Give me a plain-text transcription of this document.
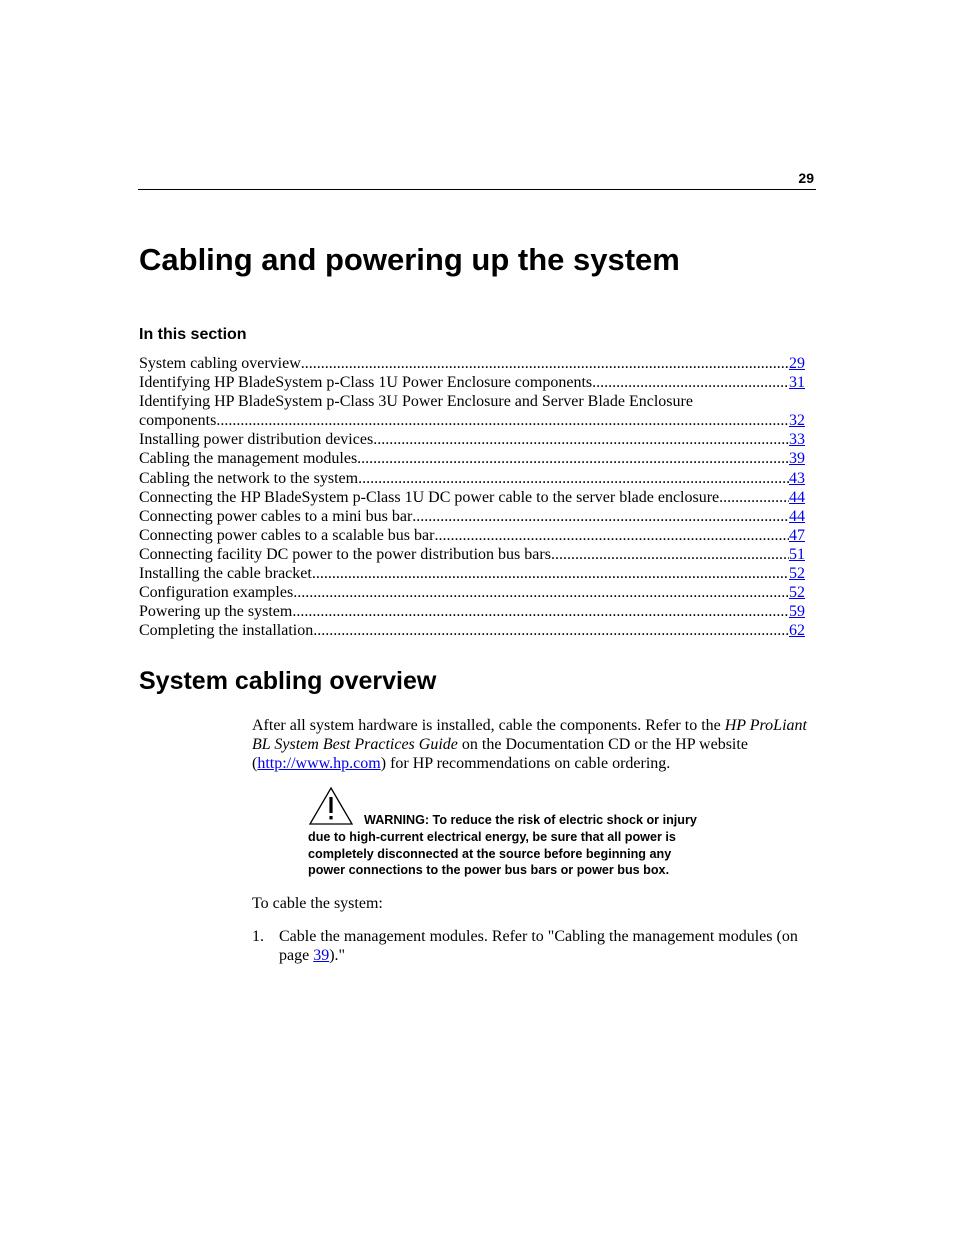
29
Cabling and powering up the system
In this section
System cabling overview .....	29
Identifying HP BladeSystem p-Class 1U Power Enclosure components .....	31
Identifying HP BladeSystem p-Class 3U Power Enclosure and Server Blade Enclosure
components .....	32
Installing power distribution devices .....	33
Cabling the management modules .....	39
Cabling the network to the system .....	43
Connecting the HP BladeSystem p-Class 1U DC power cable to the server blade enclosure .....	44
Connecting power cables to a mini bus bar .....	44
Connecting power cables to a scalable bus bar .....	47
Connecting facility DC power to the power distribution bus bars .....	51
Installing the cable bracket .....	52
Configuration examples .....	52
Powering up the system .....	59
Completing the installation .....	62
System cabling overview

After all system hardware is installed, cable the components. Refer to the HP ProLiant BL System Best Practices Guide on the Documentation CD or the HP website (http://www.hp.com) for HP recommendations on cable ordering.

WARNING: To reduce the risk of electric shock or injury
due to high-current electrical energy, be sure that all power is
completely disconnected at the source before beginning any
power connections to the power bus bars or power bus box.

To cable the system:

1. Cable the management modules. Refer to "Cabling the management modules (on page 39)."
